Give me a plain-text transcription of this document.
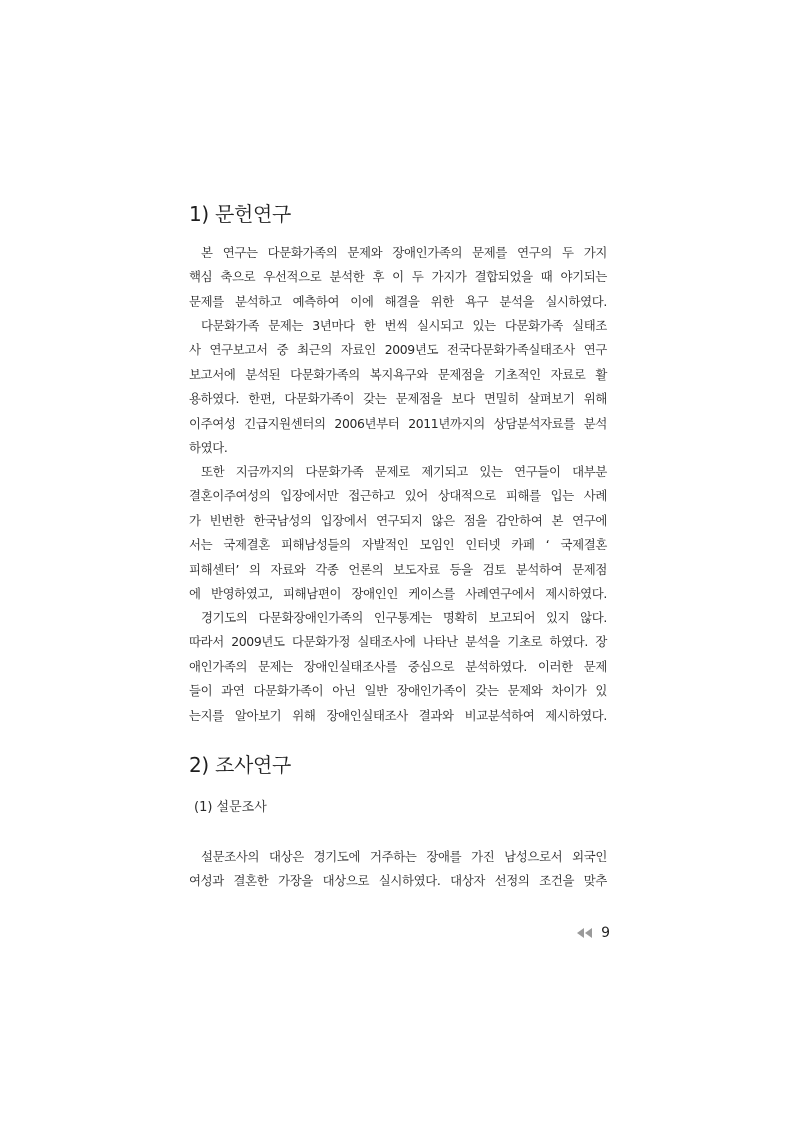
1) 문헌연구
본 연구는 다문화가족의 문제와 장애인가족의 문제를 연구의 두 가지
핵심 축으로 우선적으로 분석한 후 이 두 가지가 결합되었을 때 야기되는
문제를 분석하고 예측하여 이에 해결을 위한 욕구 분석을 실시하였다.
다문화가족 문제는 3년마다 한 번씩 실시되고 있는 다문화가족 실태조
사 연구보고서 중 최근의 자료인 2009년도 전국다문화가족실태조사 연구
보고서에 분석된 다문화가족의 복지욕구와 문제점을 기초적인 자료로 활
용하였다. 한편, 다문화가족이 갖는 문제점을 보다 면밀히 살펴보기 위해
이주여성 긴급지원센터의 2006년부터 2011년까지의 상담분석자료를 분석
하였다.
또한 지금까지의 다문화가족 문제로 제기되고 있는 연구들이 대부분
결혼이주여성의 입장에서만 접근하고 있어 상대적으로 피해를 입는 사례
가 빈번한 한국남성의 입장에서 연구되지 않은 점을 감안하여 본 연구에
서는 국제결혼 피해남성들의 자발적인 모임인 인터넷 카페 ‘ 국제결혼
피해센터’ 의 자료와 각종 언론의 보도자료 등을 검토 분석하여 문제점
에 반영하였고, 피해남편이 장애인인 케이스를 사례연구에서 제시하였다.
경기도의 다문화장애인가족의 인구통계는 명확히 보고되어 있지 않다.
따라서 2009년도 다문화가정 실태조사에 나타난 분석을 기초로 하였다. 장
애인가족의 문제는 장애인실태조사를 중심으로 분석하였다. 이러한 문제
들이 과연 다문화가족이 아닌 일반 장애인가족이 갖는 문제와 차이가 있
는지를 알아보기 위해 장애인실태조사 결과와 비교분석하여 제시하였다.
2) 조사연구
(1) 설문조사
설문조사의 대상은 경기도에 거주하는 장애를 가진 남성으로서 외국인
여성과 결혼한 가장을 대상으로 실시하였다. 대상자 선정의 조건을 맞추
9
